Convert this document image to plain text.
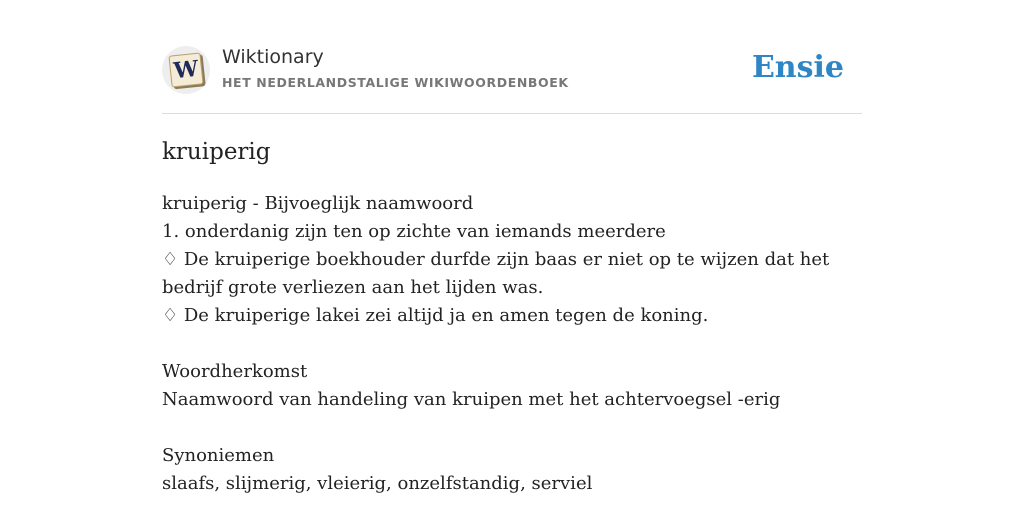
W Wiktionary
HET NEDERLANDSTALIGE WIKIWOORDENBOEK	Ensie
kruiperig
kruiperig - Bijvoeglijk naamwoord
1. onderdanig zijn ten op zichte van iemands meerdere
♢ De kruiperige boekhouder durfde zijn baas er niet op te wijzen dat het bedrijf grote verliezen aan het lijden was.
♢ De kruiperige lakei zei altijd ja en amen tegen de koning.
Woordherkomst
Naamwoord van handeling van kruipen met het achtervoegsel -erig
Synoniemen
slaafs, slijmerig, vleierig, onzelfstandig, serviel
